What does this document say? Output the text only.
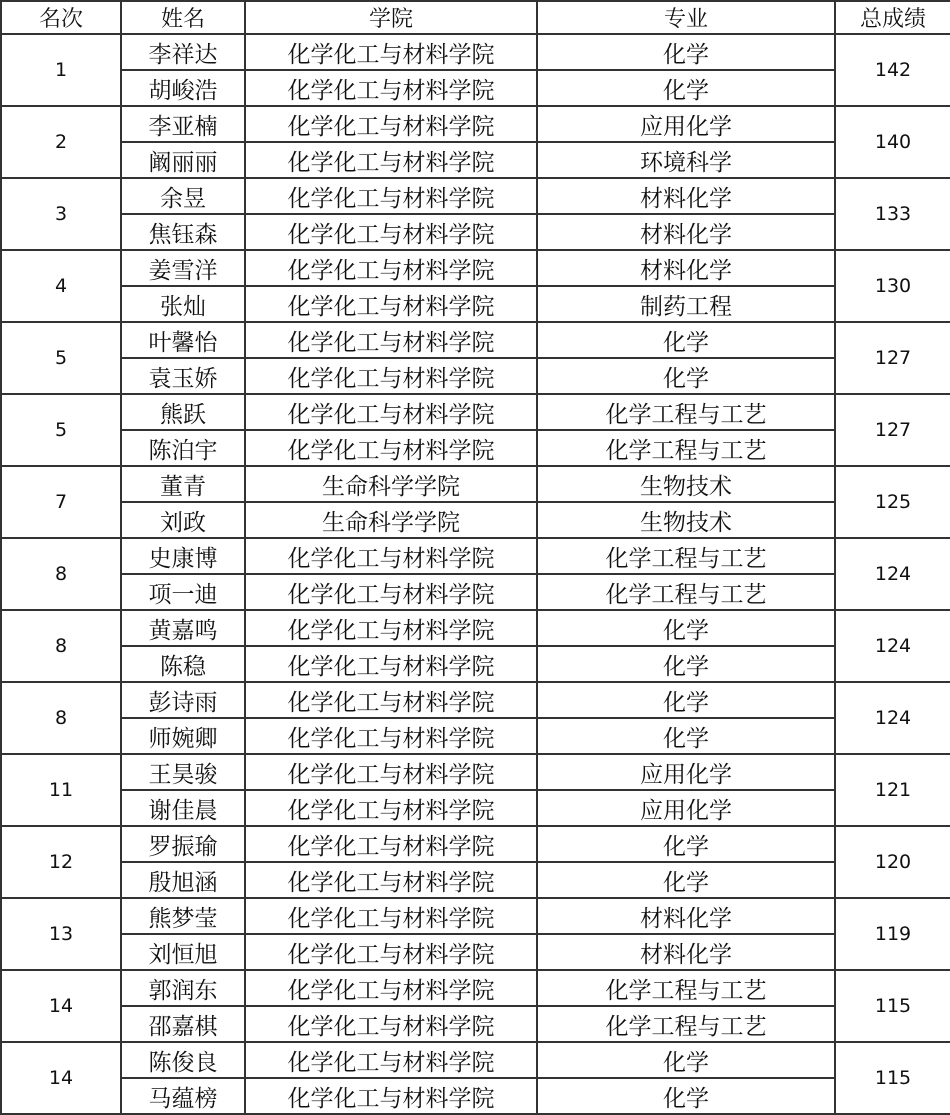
名次	姓名	学院	专业	总成绩
1	李祥达	化学化工与材料学院	化学	142
	胡峻浩	化学化工与材料学院	化学	
2	李亚楠	化学化工与材料学院	应用化学	140
	阚丽丽	化学化工与材料学院	环境科学	
3	余昱	化学化工与材料学院	材料化学	133
	焦钰森	化学化工与材料学院	材料化学	
4	姜雪洋	化学化工与材料学院	材料化学	130
	张灿	化学化工与材料学院	制药工程	
5	叶馨怡	化学化工与材料学院	化学	127
	袁玉娇	化学化工与材料学院	化学	
5	熊跃	化学化工与材料学院	化学工程与工艺	127
	陈泊宇	化学化工与材料学院	化学工程与工艺	
7	董青	生命科学学院	生物技术	125
	刘政	生命科学学院	生物技术	
8	史康博	化学化工与材料学院	化学工程与工艺	124
	项一迪	化学化工与材料学院	化学工程与工艺	
8	黄嘉鸣	化学化工与材料学院	化学	124
	陈稳	化学化工与材料学院	化学	
8	彭诗雨	化学化工与材料学院	化学	124
	师婉卿	化学化工与材料学院	化学	
11	王昊骏	化学化工与材料学院	应用化学	121
	谢佳晨	化学化工与材料学院	应用化学	
12	罗振瑜	化学化工与材料学院	化学	120
	殷旭涵	化学化工与材料学院	化学	
13	熊梦莹	化学化工与材料学院	材料化学	119
	刘恒旭	化学化工与材料学院	材料化学	
14	郭润东	化学化工与材料学院	化学工程与工艺	115
	邵嘉棋	化学化工与材料学院	化学工程与工艺	
14	陈俊良	化学化工与材料学院	化学	115
	马蕴榜	化学化工与材料学院	化学	
